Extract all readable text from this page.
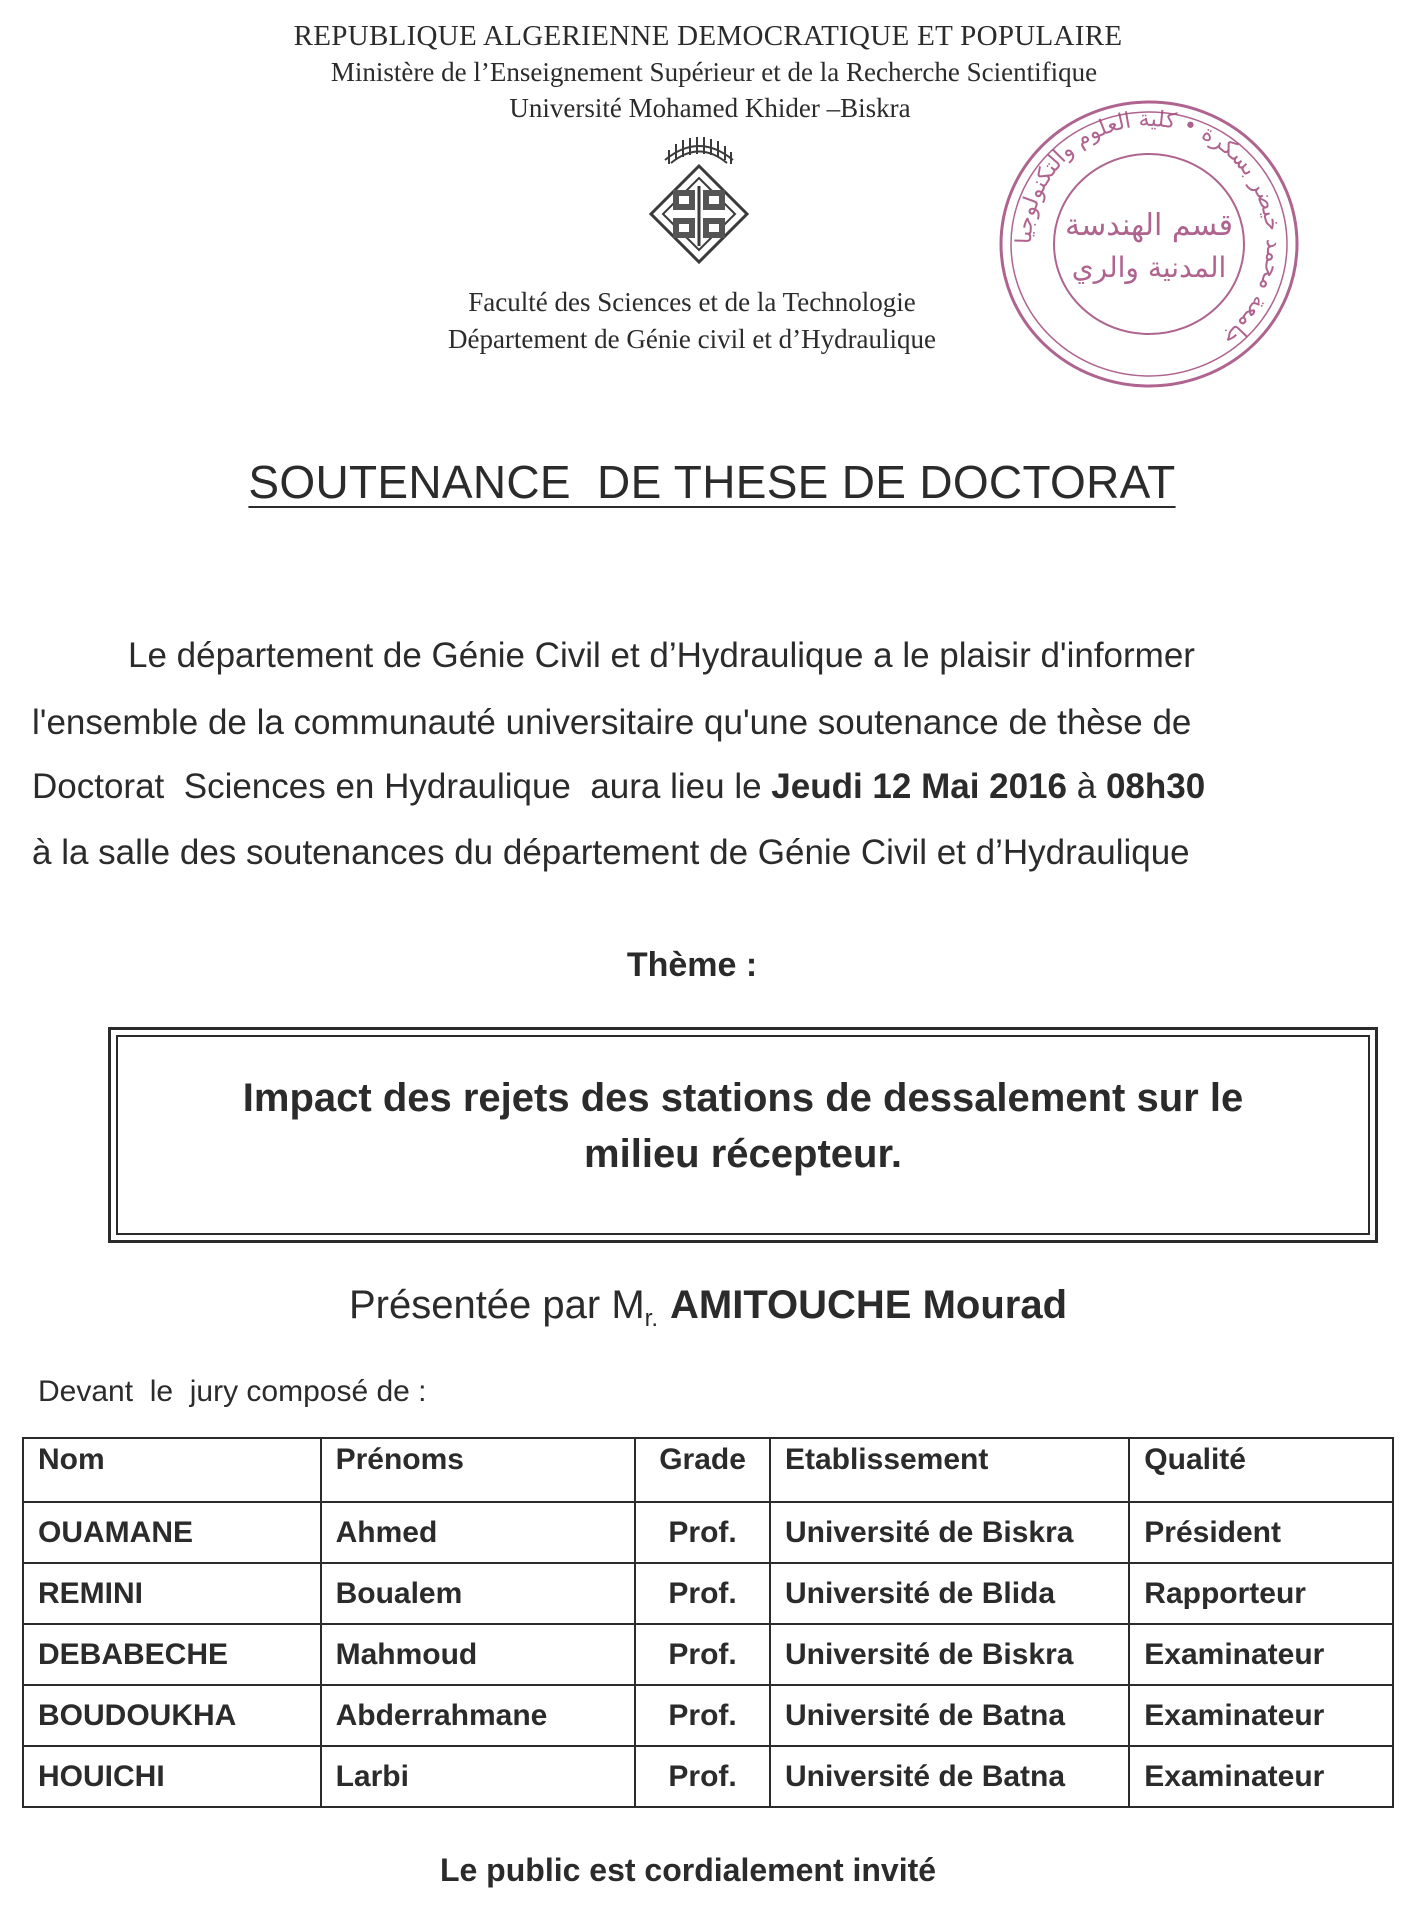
REPUBLIQUE ALGERIENNE DEMOCRATIQUE ET POPULAIRE
Ministère de l’Enseignement Supérieur et de la Recherche Scientifique
Université Mohamed Khider –Biskra
جامعة محمد خيضر بسكرة • كلية العلوم والتكنولوجيا
قسم الهندسة
المدنية والري
Faculté des Sciences et de la Technologie
Département de Génie civil et d’Hydraulique
SOUTENANCE  DE THESE DE DOCTORAT
Le département de Génie Civil et d’Hydraulique a le plaisir d'informer
l'ensemble de la communauté universitaire qu'une soutenance de thèse de
Doctorat  Sciences en Hydraulique  aura lieu le Jeudi 12 Mai 2016 à 08h30
à la salle des soutenances du département de Génie Civil et d’Hydraulique
Thème :
Impact des rejets des stations de dessalement sur le
milieu récepteur.
Présentée par $M_{r.}$ AMITOUCHE Mourad
Devant  le  jury composé de :
Nom	Prénoms	Grade	Etablissement	Qualité
OUAMANE	Ahmed	Prof.	Université de Biskra	Président
REMINI	Boualem	Prof.	Université de Blida	Rapporteur
DEBABECHE	Mahmoud	Prof.	Université de Biskra	Examinateur
BOUDOUKHA	Abderrahmane	Prof.	Université de Batna	Examinateur
HOUICHI	Larbi	Prof.	Université de Batna	Examinateur
Le public est cordialement invité
